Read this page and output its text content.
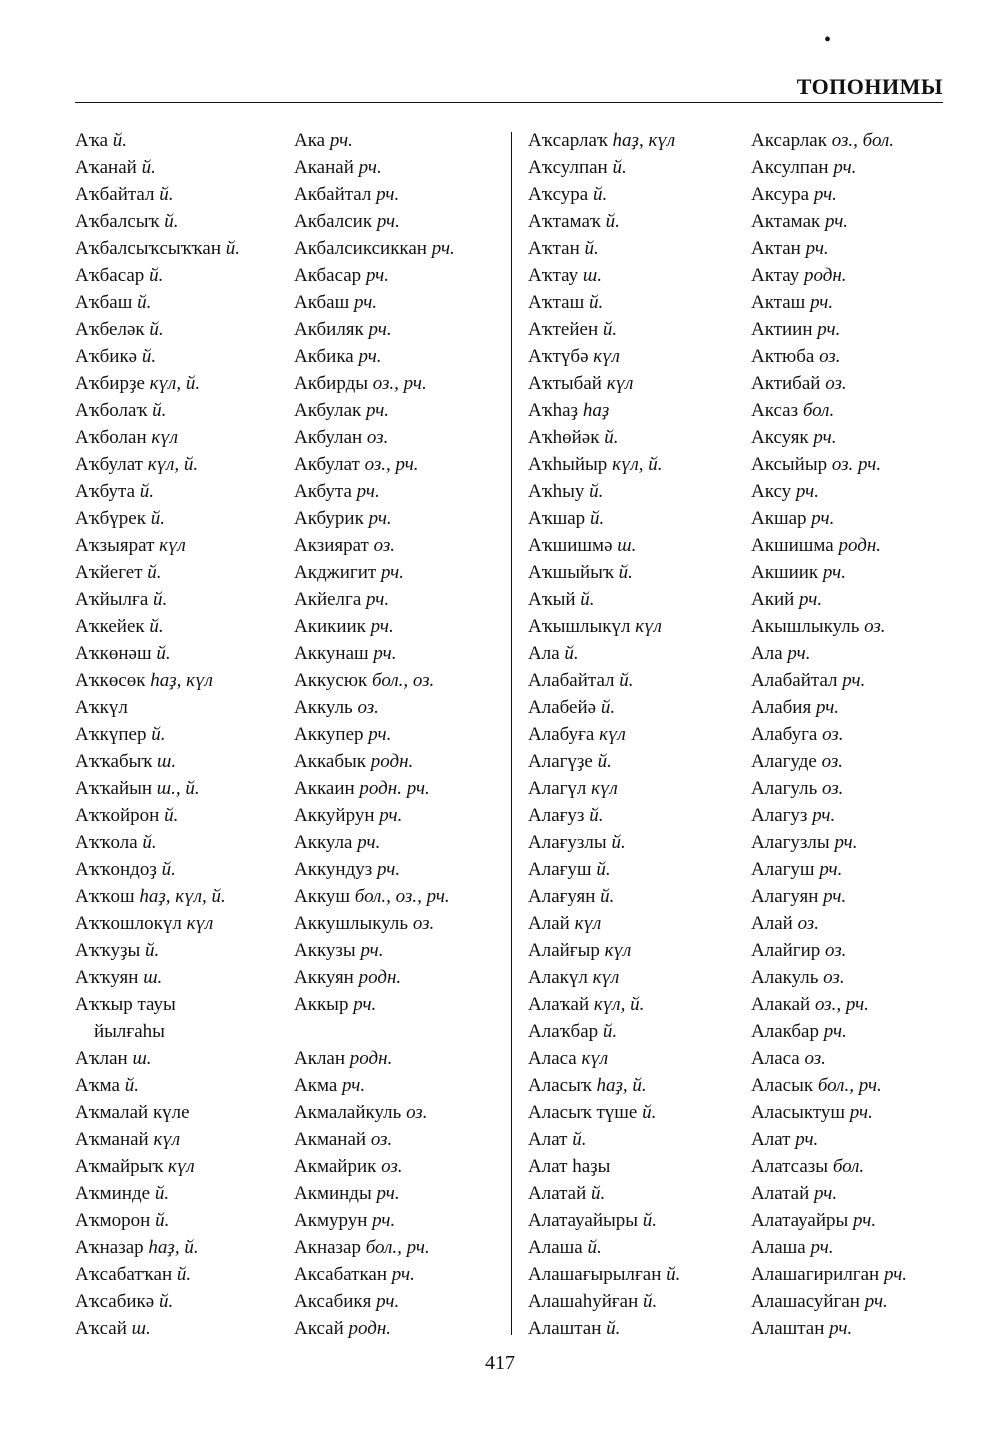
•
ТОПОНИМЫ
Аҡа й.
Аҡанай й.
Аҡбайтал й.
Аҡбалсыҡ й.
Аҡбалсыҡсыҡҡан й.
Аҡбасар й.
Аҡбаш й.
Аҡбеләк й.
Аҡбикә й.
Аҡбирҙе күл, й.
Аҡболаҡ й.
Аҡболан күл
Аҡбулат күл, й.
Аҡбута й.
Аҡбүрек й.
Аҡзыярат күл
Аҡйегет й.
Аҡйылға й.
Аҡкейек й.
Аҡкөнәш й.
Аҡкөсөк һаҙ, күл
Аҡкүл
Аҡкүпер й.
Аҡҡабыҡ ш.
Аҡҡайын ш., й.
Аҡҡойрон й.
Аҡҡола й.
Аҡҡондоҙ й.
Аҡҡош һаҙ, күл, й.
Аҡҡошлокүл күл
Аҡҡуҙы й.
Аҡҡуян ш.
Аҡҡыр тауы
йылғаһы
Аҡлан ш.
Аҡма й.
Аҡмалай күле
Аҡманай күл
Аҡмайрыҡ күл
Аҡминде й.
Аҡморон й.
Аҡназар һаҙ, й.
Аҡсабатҡан й.
Аҡсабикә й.
Аҡсай ш.
Ака рч.
Аканай рч.
Акбайтал рч.
Акбалсик рч.
Акбалсиксиккан рч.
Акбасар рч.
Акбаш рч.
Акбиляк рч.
Акбика рч.
Акбирды оз., рч.
Акбулак рч.
Акбулан оз.
Акбулат оз., рч.
Акбута рч.
Акбурик рч.
Акзиярат оз.
Акджигит рч.
Акйелга рч.
Акикиик рч.
Аккунаш рч.
Аккусюк бол., оз.
Аккуль оз.
Аккупер рч.
Аккабык родн.
Аккаин родн. рч.
Аккуйрун рч.
Аккула рч.
Аккундуз рч.
Аккуш бол., оз., рч.
Аккушлыкуль оз.
Аккузы рч.
Аккуян родн.
Аккыр рч.
Аклан родн.
Акма рч.
Акмалайкуль оз.
Акманай оз.
Акмайрик оз.
Акминды рч.
Акмурун рч.
Акназар бол., рч.
Аксабаткан рч.
Аксабикя рч.
Аксай родн.
Аҡсарлаҡ һаҙ, күл
Аҡсулпан й.
Аҡсура й.
Аҡтамаҡ й.
Аҡтан й.
Аҡтау ш.
Аҡташ й.
Аҡтейен й.
Аҡтүбә күл
Аҡтыбай күл
Аҡһаҙ һаҙ
Аҡһөйәк й.
Аҡһыйыр күл, й.
Аҡһыу й.
Аҡшар й.
Аҡшишмә ш.
Аҡшыйыҡ й.
Аҡый й.
Аҡышлыкүл күл
Ала й.
Алабайтал й.
Алабейә й.
Алабуға күл
Алагүҙе й.
Алагүл күл
Алағуз й.
Алағузлы й.
Алағуш й.
Алағуян й.
Алай күл
Алайғыр күл
Алакүл күл
Алаҡай күл, й.
Алаҡбар й.
Аласа күл
Аласыҡ һаҙ, й.
Аласыҡ түше й.
Алат й.
Алат һаҙы
Алатай й.
Алатауайыры й.
Алаша й.
Алашағырылған й.
Алашаһуйған й.
Алаштан й.
Аксарлак оз., бол.
Аксулпан рч.
Аксура рч.
Актамак рч.
Актан рч.
Актау родн.
Акташ рч.
Актиин рч.
Актюба оз.
Актибай оз.
Аксаз бол.
Аксуяк рч.
Аксыйыр оз. рч.
Аксу рч.
Акшар рч.
Акшишма родн.
Акшиик рч.
Акий рч.
Акышлыкуль оз.
Ала рч.
Алабайтал рч.
Алабия рч.
Алабуга оз.
Алагуде оз.
Алагуль оз.
Алагуз рч.
Алагузлы рч.
Алагуш рч.
Алагуян рч.
Алай оз.
Алайгир оз.
Алакуль оз.
Алакай оз., рч.
Алакбар рч.
Аласа оз.
Аласык бол., рч.
Аласыктуш рч.
Алат рч.
Алатсазы бол.
Алатай рч.
Алатауайры рч.
Алаша рч.
Алашагирилган рч.
Алашасуйган рч.
Алаштан рч.
417
